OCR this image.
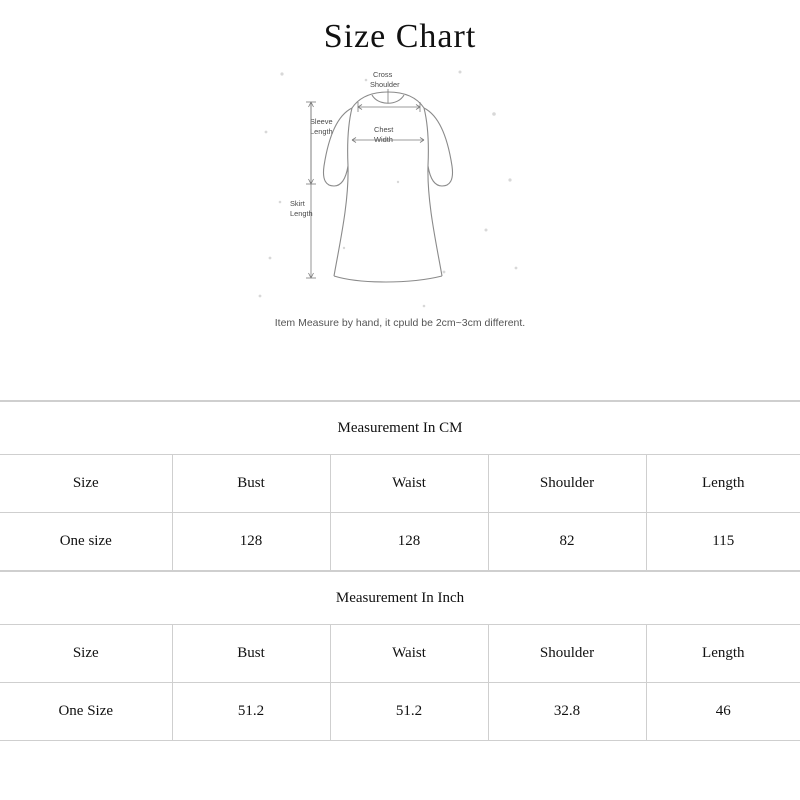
Size Chart
Cross
Shoulder
Sleeve
Length	Chest
Width
Skirt
Length
Item Measure by hand, it cpuld be 2cm~3cm different.
Measurement In CM				
Size	Bust	Waist	Shoulder	Length
One size	128	128	82	115
Measurement In Inch				
Size	Bust	Waist	Shoulder	Length
One Size	51.2	51.2	32.8	46
